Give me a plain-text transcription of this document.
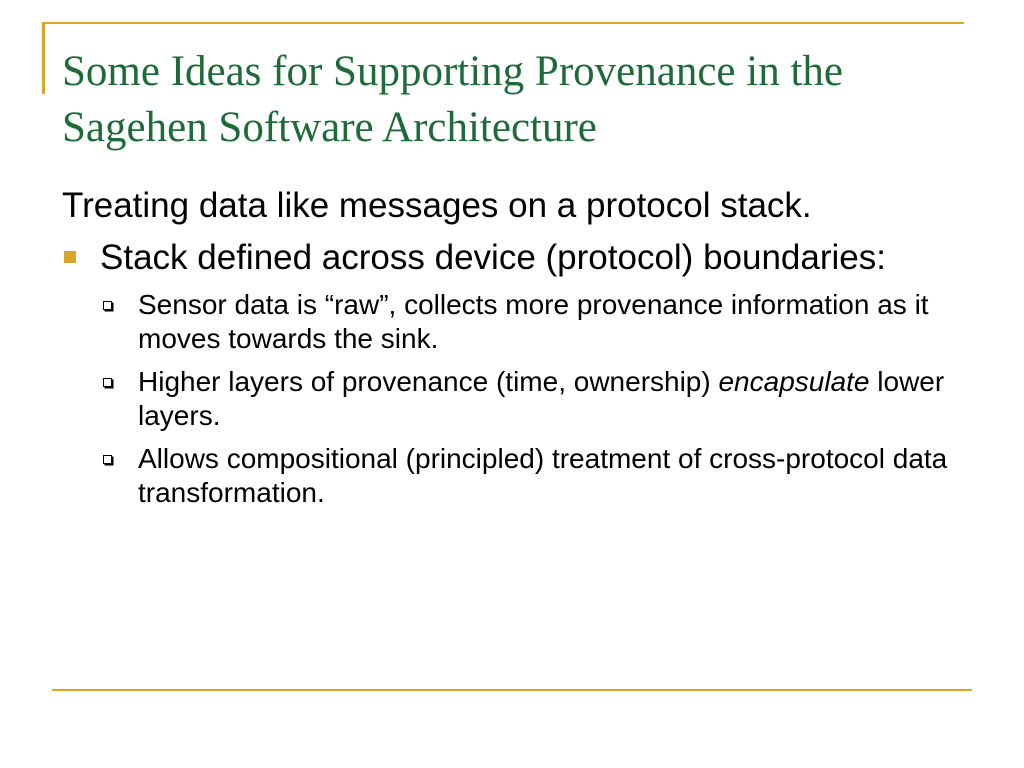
Some Ideas for Supporting Provenance in the Sagehen Software Architecture

Treating data like messages on a protocol stack.

Stack defined across device (protocol) boundaries:
Sensor data is “raw”, collects more provenance information as it moves towards the sink.
Higher layers of provenance (time, ownership) encapsulate lower layers.
Allows compositional (principled) treatment of cross-protocol data transformation.
